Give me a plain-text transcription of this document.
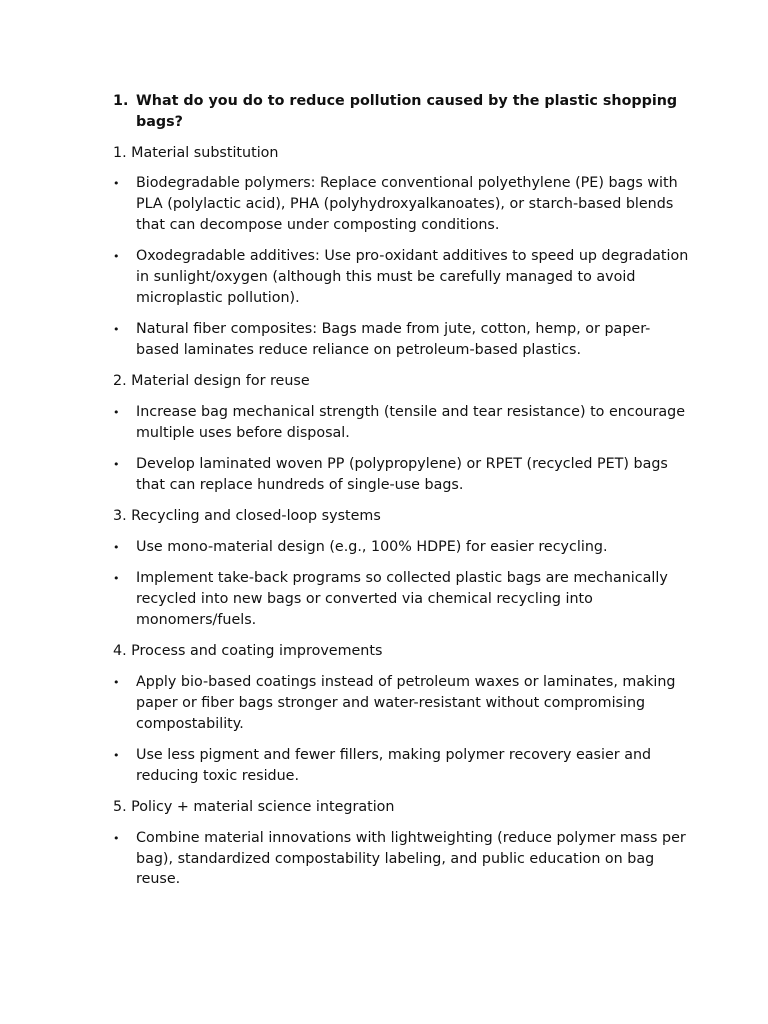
1. What do you do to reduce pollution caused by the plastic shopping bags?
1. Material substitution
•	Biodegradable polymers: Replace conventional polyethylene (PE) bags with PLA (polylactic acid), PHA (polyhydroxyalkanoates), or starch-based blends that can decompose under composting conditions.
•	Oxodegradable additives: Use pro-oxidant additives to speed up degradation in sunlight/oxygen (although this must be carefully managed to avoid microplastic pollution).
•	Natural fiber composites: Bags made from jute, cotton, hemp, or paper-based laminates reduce reliance on petroleum-based plastics.
2. Material design for reuse
•	Increase bag mechanical strength (tensile and tear resistance) to encourage multiple uses before disposal.
•	Develop laminated woven PP (polypropylene) or RPET (recycled PET) bags that can replace hundreds of single-use bags.
3. Recycling and closed-loop systems
•	Use mono-material design (e.g., 100% HDPE) for easier recycling.
•	Implement take-back programs so collected plastic bags are mechanically recycled into new bags or converted via chemical recycling into monomers/fuels.
4. Process and coating improvements
•	Apply bio-based coatings instead of petroleum waxes or laminates, making paper or fiber bags stronger and water-resistant without compromising compostability.
•	Use less pigment and fewer fillers, making polymer recovery easier and reducing toxic residue.
5. Policy + material science integration
•	Combine material innovations with lightweighting (reduce polymer mass per bag), standardized compostability labeling, and public education on bag reuse.
